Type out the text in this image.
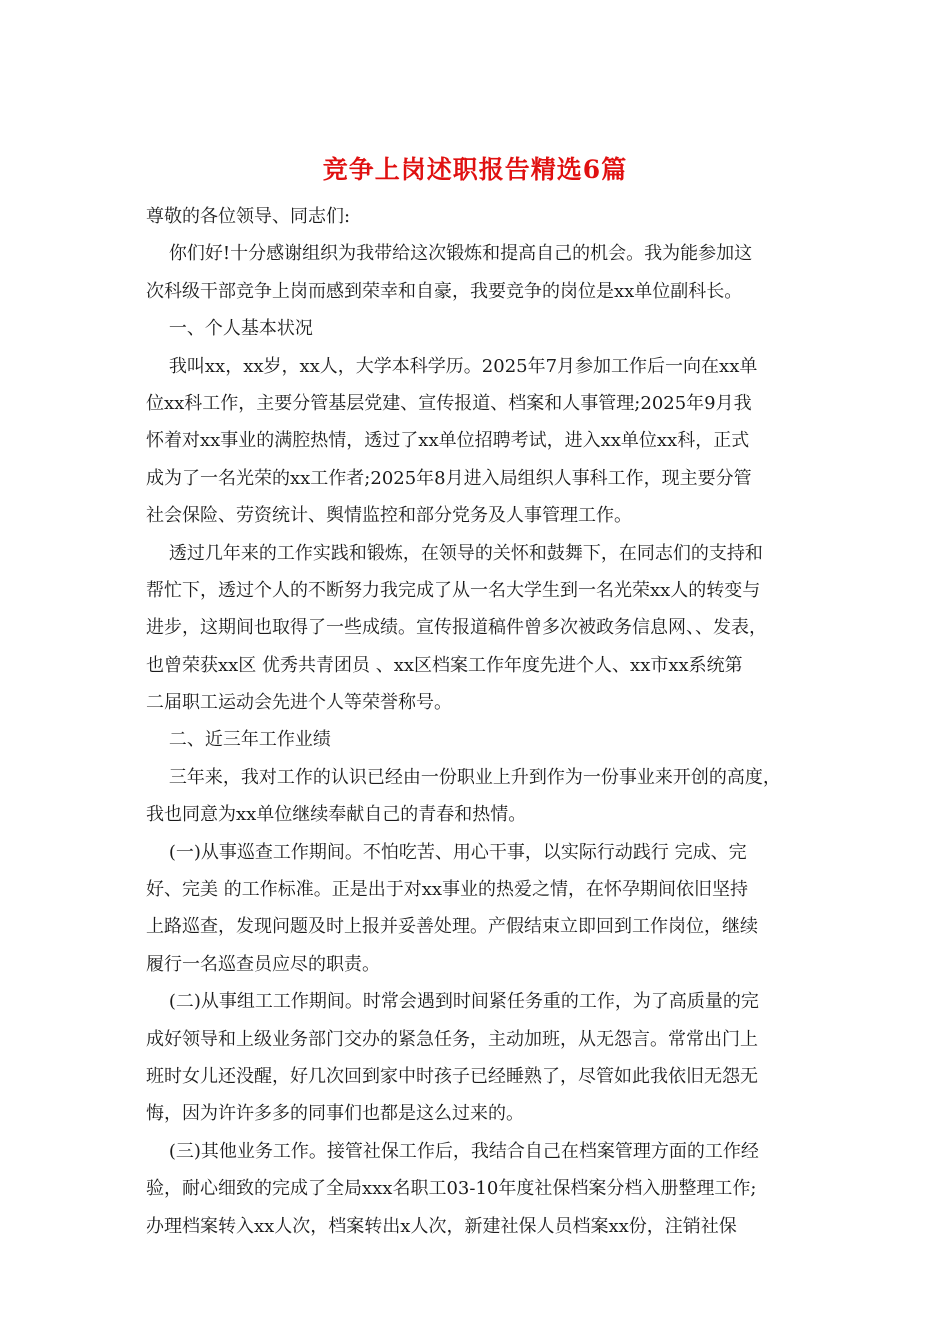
竞争上岗述职报告精选6篇
尊敬的各位领导、同志们:
你们好!十分感谢组织为我带给这次锻炼和提高自己的机会。我为能参加这
次科级干部竞争上岗而感到荣幸和自豪，我要竞争的岗位是xx单位副科长。
一、个人基本状况
我叫xx，xx岁，xx人，大学本科学历。2025年7月参加工作后一向在xx单
位xx科工作，主要分管基层党建、宣传报道、档案和人事管理;2025年9月我
怀着对xx事业的满腔热情，透过了xx单位招聘考试，进入xx单位xx科，正式
成为了一名光荣的xx工作者;2025年8月进入局组织人事科工作，现主要分管
社会保险、劳资统计、舆情监控和部分党务及人事管理工作。
透过几年来的工作实践和锻炼，在领导的关怀和鼓舞下，在同志们的支持和
帮忙下，透过个人的不断努力我完成了从一名大学生到一名光荣xx人的转变与
进步，这期间也取得了一些成绩。宣传报道稿件曾多次被政务信息网、、发表，
也曾荣获xx区 优秀共青团员 、xx区档案工作年度先进个人、xx市xx系统第
二届职工运动会先进个人等荣誉称号。
二、近三年工作业绩
三年来，我对工作的认识已经由一份职业上升到作为一份事业来开创的高度，
我也同意为xx单位继续奉献自己的青春和热情。
(一)从事巡查工作期间。不怕吃苦、用心干事，以实际行动践行 完成、完
好、完美 的工作标准。正是出于对xx事业的热爱之情，在怀孕期间依旧坚持
上路巡查，发现问题及时上报并妥善处理。产假结束立即回到工作岗位，继续
履行一名巡查员应尽的职责。
(二)从事组工工作期间。时常会遇到时间紧任务重的工作，为了高质量的完
成好领导和上级业务部门交办的紧急任务，主动加班，从无怨言。常常出门上
班时女儿还没醒，好几次回到家中时孩子已经睡熟了，尽管如此我依旧无怨无
悔，因为许许多多的同事们也都是这么过来的。
(三)其他业务工作。接管社保工作后，我结合自己在档案管理方面的工作经
验，耐心细致的完成了全局xxx名职工03-10年度社保档案分档入册整理工作;
办理档案转入xx人次，档案转出x人次，新建社保人员档案xx份，注销社保
